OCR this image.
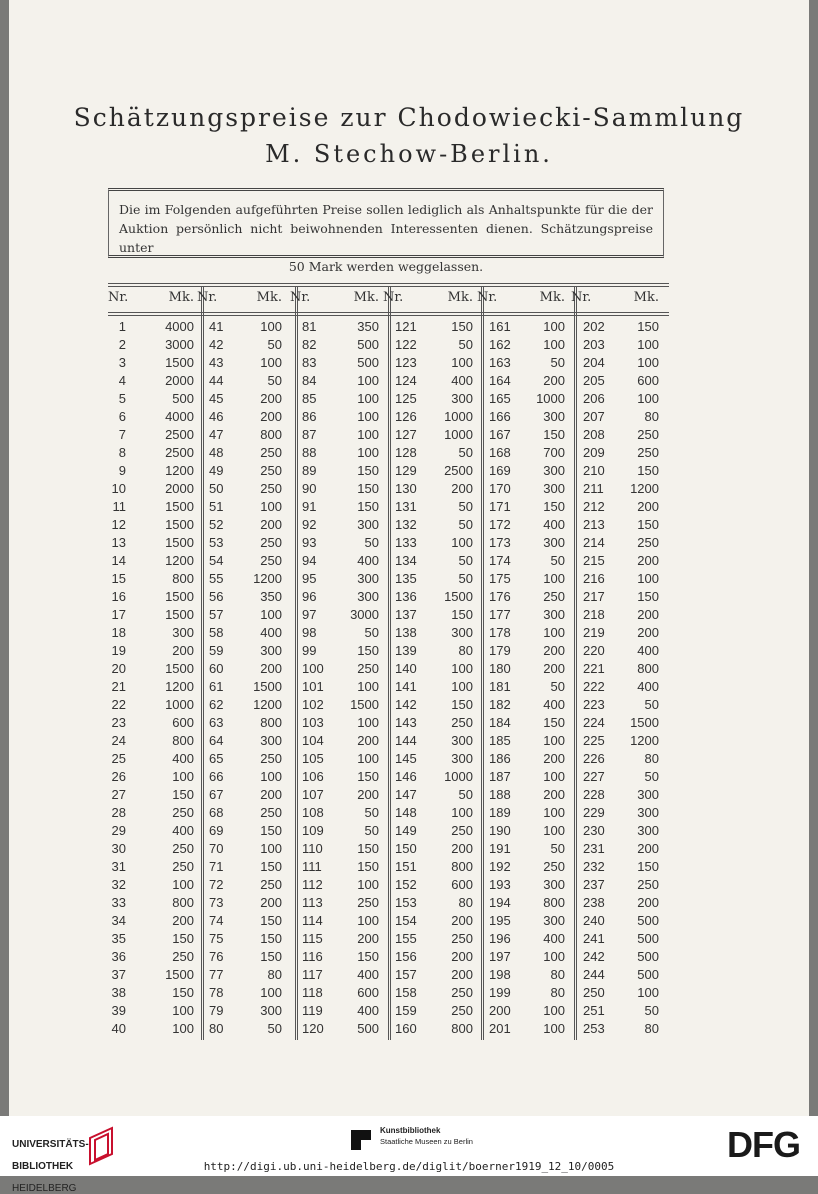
Schätzungspreise zur Chodowiecki-Sammlung
M. Stechow-Berlin.
Die im Folgenden aufgeführten Preise sollen lediglich als Anhaltspunkte für die der Auktion persönlich nicht beiwohnenden Interessenten dienen. Schätzungspreise unter
50 Mark werden weggelassen.
Nr.	Mk.
1	4000
2	3000
3	1500
4	2000
5	500
6	4000
7	2500
8	2500
9	1200
10	2000
11	1500
12	1500
13	1500
14	1200
15	800
16	1500
17	1500
18	300
19	200
20	1500
21	1200
22	1000
23	600
24	800
25	400
26	100
27	150
28	250
29	400
30	250
31	250
32	100
33	800
34	200
35	150
36	250
37	1500
38	150
39	100
40	100
Nr.	Mk.
41	100
42	50
43	100
44	50
45	200
46	200
47	800
48	250
49	250
50	250
51	100
52	200
53	250
54	250
55	1200
56	350
57	100
58	400
59	300
60	200
61	1500
62	1200
63	800
64	300
65	250
66	100
67	200
68	250
69	150
70	100
71	150
72	250
73	200
74	150
75	150
76	150
77	80
78	100
79	300
80	50
Nr.	Mk.
81	350
82	500
83	500
84	100
85	100
86	100
87	100
88	100
89	150
90	150
91	150
92	300
93	50
94	400
95	300
96	300
97	3000
98	50
99	150
100	250
101	100
102	1500
103	100
104	200
105	100
106	150
107	200
108	50
109	50
110	150
111	150
112	100
113	250
114	100
115	200
116	150
117	400
118	600
119	400
120	500
Nr.	Mk.
121	150
122	50
123	100
124	400
125	300
126	1000
127	1000
128	50
129	2500
130	200
131	50
132	50
133	100
134	50
135	50
136	1500
137	150
138	300
139	80
140	100
141	100
142	150
143	250
144	300
145	300
146	1000
147	50
148	100
149	250
150	200
151	800
152	600
153	80
154	200
155	250
156	200
157	200
158	250
159	250
160	800
Nr.	Mk.
161	100
162	100
163	50
164	200
165	1000
166	300
167	150
168	700
169	300
170	300
171	150
172	400
173	300
174	50
175	100
176	250
177	300
178	100
179	200
180	200
181	50
182	400
184	150
185	100
186	200
187	100
188	200
189	100
190	100
191	50
192	250
193	300
194	800
195	300
196	400
197	100
198	80
199	80
200	100
201	100
Nr.	Mk.
202	150
203	100
204	100
205	600
206	100
207	80
208	250
209	250
210	150
211	1200
212	200
213	150
214	250
215	200
216	100
217	150
218	200
219	200
220	400
221	800
222	400
223	50
224	1500
225	1200
226	80
227	50
228	300
229	300
230	300
231	200
232	150
237	250
238	200
240	500
241	500
242	500
244	500
250	100
251	50
253	80

UNIVERSITÄTS-

BIBLIOTHEK

HEIDELBERG

Kunstbibliothek
Staatliche Museen zu Berlin	DFG
http://digi.ub.uni-heidelberg.de/diglit/boerner1919_12_10/0005
